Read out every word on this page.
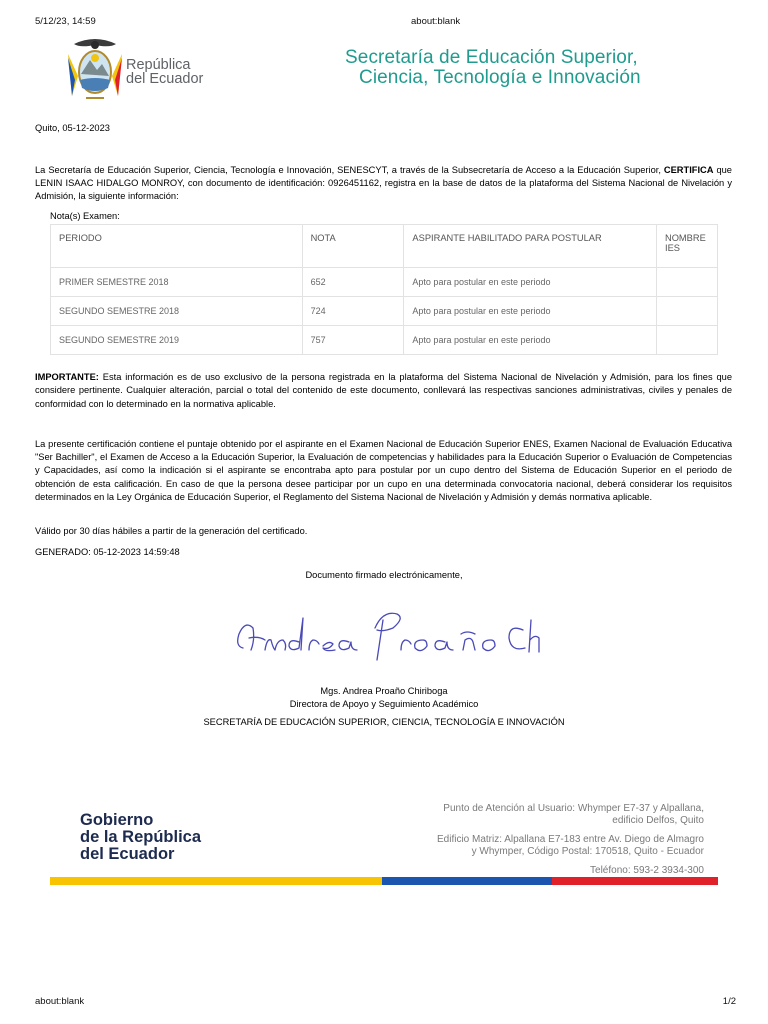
5/12/23, 14:59	about:blank
República
del Ecuador
Secretaría de Educación Superior,
Ciencia, Tecnología e Innovación
Quito, 05-12-2023
La Secretaría de Educación Superior, Ciencia, Tecnología e Innovación, SENESCYT, a través de la Subsecretaría de Acceso a la Educación Superior, CERTIFICA que LENIN ISAAC HIDALGO MONROY, con documento de identificación: 0926451162, registra en la base de datos de la plataforma del Sistema Nacional de Nivelación y Admisión, la siguiente información:
Nota(s) Examen:
PERIODO	NOTA	ASPIRANTE HABILITADO PARA POSTULAR	NOMBRE IES
PRIMER SEMESTRE 2018	652	Apto para postular en este periodo	
SEGUNDO SEMESTRE 2018	724	Apto para postular en este periodo	
SEGUNDO SEMESTRE 2019	757	Apto para postular en este periodo	
IMPORTANTE: Esta información es de uso exclusivo de la persona registrada en la plataforma del Sistema Nacional de Nivelación y Admisión, para los fines que considere pertinente. Cualquier alteración, parcial o total del contenido de este documento, conllevará las respectivas sanciones administrativas, civiles y penales de conformidad con lo determinado en la normativa aplicable.
La presente certificación contiene el puntaje obtenido por el aspirante en el Examen Nacional de Educación Superior ENES, Examen Nacional de Evaluación Educativa "Ser Bachiller", el Examen de Acceso a la Educación Superior, la Evaluación de competencias y habilidades para la Educación Superior o Evaluación de Competencias y Capacidades, así como la indicación si el aspirante se encontraba apto para postular por un cupo dentro del Sistema de Educación Superior en el periodo de obtención de esta calificación. En caso de que la persona desee participar por un cupo en una determinada convocatoria nacional, deberá considerar los requisitos determinados en la Ley Orgánica de Educación Superior, el Reglamento del Sistema Nacional de Nivelación y Admisión y demás normativa aplicable.
Válido por 30 días hábiles a partir de la generación del certificado.
GENERADO: 05-12-2023 14:59:48
Documento firmado electrónicamente,
Mgs. Andrea Proaño Chiriboga
Directora de Apoyo y Seguimiento Académico
SECRETARÍA DE EDUCACIÓN SUPERIOR, CIENCIA, TECNOLOGÍA E INNOVACIÓN
Gobierno
de la República
del Ecuador
Punto de Atención al Usuario: Whymper E7-37 y Alpallana,
edificio Delfos, Quito
Edificio Matriz: Alpallana E7-183 entre Av. Diego de Almagro
y Whymper, Código Postal: 170518, Quito - Ecuador
Teléfono: 593-2 3934-300
about:blank	1/2
